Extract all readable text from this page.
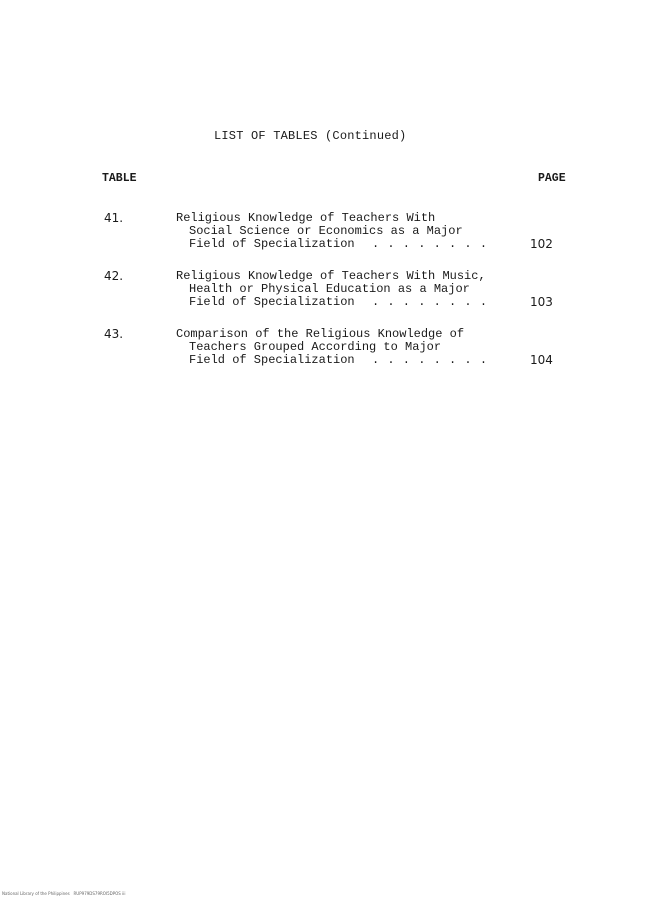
LIST OF TABLES (Continued)
TABLE	PAGE
41.	Religious Knowledge of Teachers With
Social Science or Economics as a Major
Field of Specialization . . . . . . . .	102
42.	Religious Knowledge of Teachers With Music,
Health or Physical Education as a Major
Field of Specialization . . . . . . . .	103
43.	Comparison of the Religious Knowledge of
Teachers Grouped According to Major
Field of Specialization . . . . . . . .	104
National Library of the Philippines   RUP979DS79ROI5DPOS iii
